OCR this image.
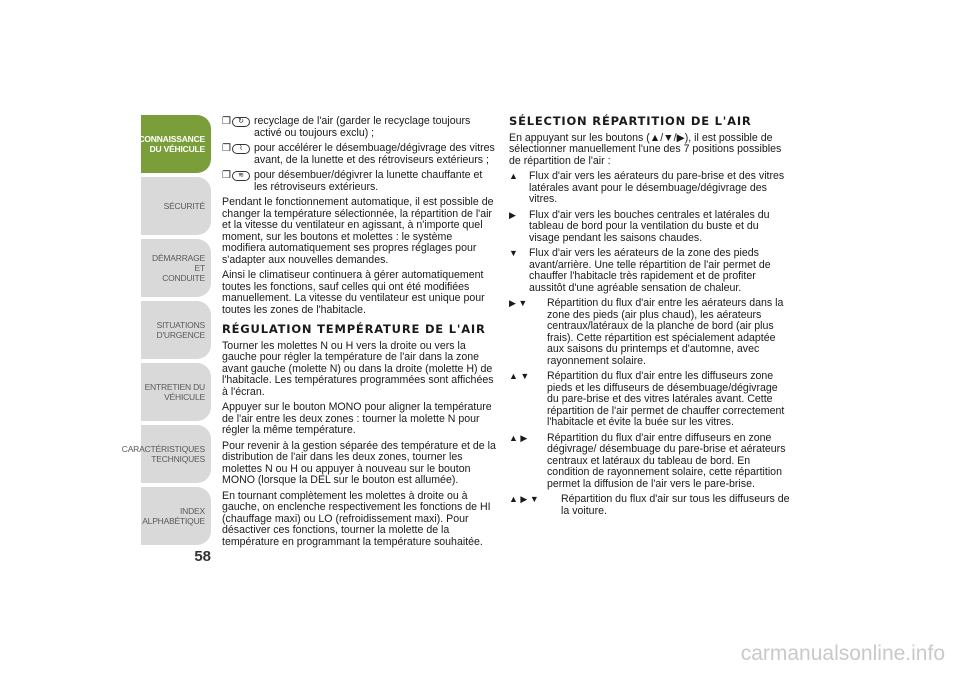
CONNAISSANCE
DU VÉHICULE
SÉCURITÉ
DÉMARRAGE ET
CONDUITE
SITUATIONS
D'URGENCE
ENTRETIEN DU
VÉHICULE
CARACTÉRISTIQUES
TECHNIQUES
INDEX
ALPHABÉTIQUE
58
❐	↻ recyclage de l'air (garder le recyclage toujours activé ou toujours exclu) ;
❐	⌇	pour accélérer le désembuage/dégivrage des vitres avant, de la lunette et des rétroviseurs extérieurs ;
❐	≋ pour désembuer/dégivrer la lunette chauffante et les rétroviseurs extérieurs.

Pendant le fonctionnement automatique, il est possible de changer la température sélectionnée, la répartition de l'air et la vitesse du ventilateur en agissant, à n'importe quel moment, sur les boutons et molettes : le système modifiera automatiquement ses propres réglages pour s'adapter aux nouvelles demandes.

Ainsi le climatiseur continuera à gérer automatiquement toutes les fonctions, sauf celles qui ont été modifiées manuellement. La vitesse du ventilateur est unique pour toutes les zones de l'habitacle.

RÉGULATION TEMPÉRATURE DE L'AIR

Tourner les molettes N ou H vers la droite ou vers la gauche pour régler la température de l'air dans la zone avant gauche (molette N) ou dans la droite (molette H) de l'habitacle. Les températures programmées sont affichées à l'écran.

Appuyer sur le bouton MONO pour aligner la température de l'air entre les deux zones : tourner la molette N pour régler la même température.

Pour revenir à la gestion séparée des température et de la distribution de l'air dans les deux zones, tourner les molettes N ou H ou appuyer à nouveau sur le bouton MONO (lorsque la DEL sur le bouton est allumée).

En tournant complètement les molettes à droite ou à gauche, on enclenche respectivement les fonctions de HI (chauffage maxi) ou LO (refroidissement maxi). Pour désactiver ces fonctions, tourner la molette de la température en programmant la température souhaitée.

SÉLECTION RÉPARTITION DE L'AIR

En appuyant sur les boutons (▲/▼/▶), il est possible de sélectionner manuellement l'une des 7 positions possibles de répartition de l'air :

▲	Flux d'air vers les aérateurs du pare-brise et des vitres latérales avant pour le désembuage/dégivrage des vitres.
▶	Flux d'air vers les bouches centrales et latérales du tableau de bord pour la ventilation du buste et du visage pendant les saisons chaudes.
▼	Flux d'air vers les aérateurs de la zone des pieds avant/arrière. Une telle répartition de l'air permet de chauffer l'habitacle très rapidement et de profiter aussitôt d'une agréable sensation de chaleur.
▶ ▼	Répartition du flux d'air entre les aérateurs dans la zone des pieds (air plus chaud), les aérateurs centraux/latéraux de la planche de bord (air plus frais). Cette répartition est spécialement adaptée aux saisons du printemps et d'automne, avec rayonnement solaire.
▲ ▼	Répartition du flux d'air entre les diffuseurs zone pieds et les diffuseurs de désembuage/dégivrage du pare-brise et des vitres latérales avant. Cette répartition de l'air permet de chauffer correctement l'habitacle et évite la buée sur les vitres.
▲ ▶	Répartition du flux d'air entre diffuseurs en zone dégivrage/ désembuage du pare-brise et aérateurs centraux et latéraux du tableau de bord. En condition de rayonnement solaire, cette répartition permet la diffusion de l'air vers le pare-brise.
▲ ▶ ▼	Répartition du flux d'air sur tous les diffuseurs de la voiture.
carmanualsonline.info
